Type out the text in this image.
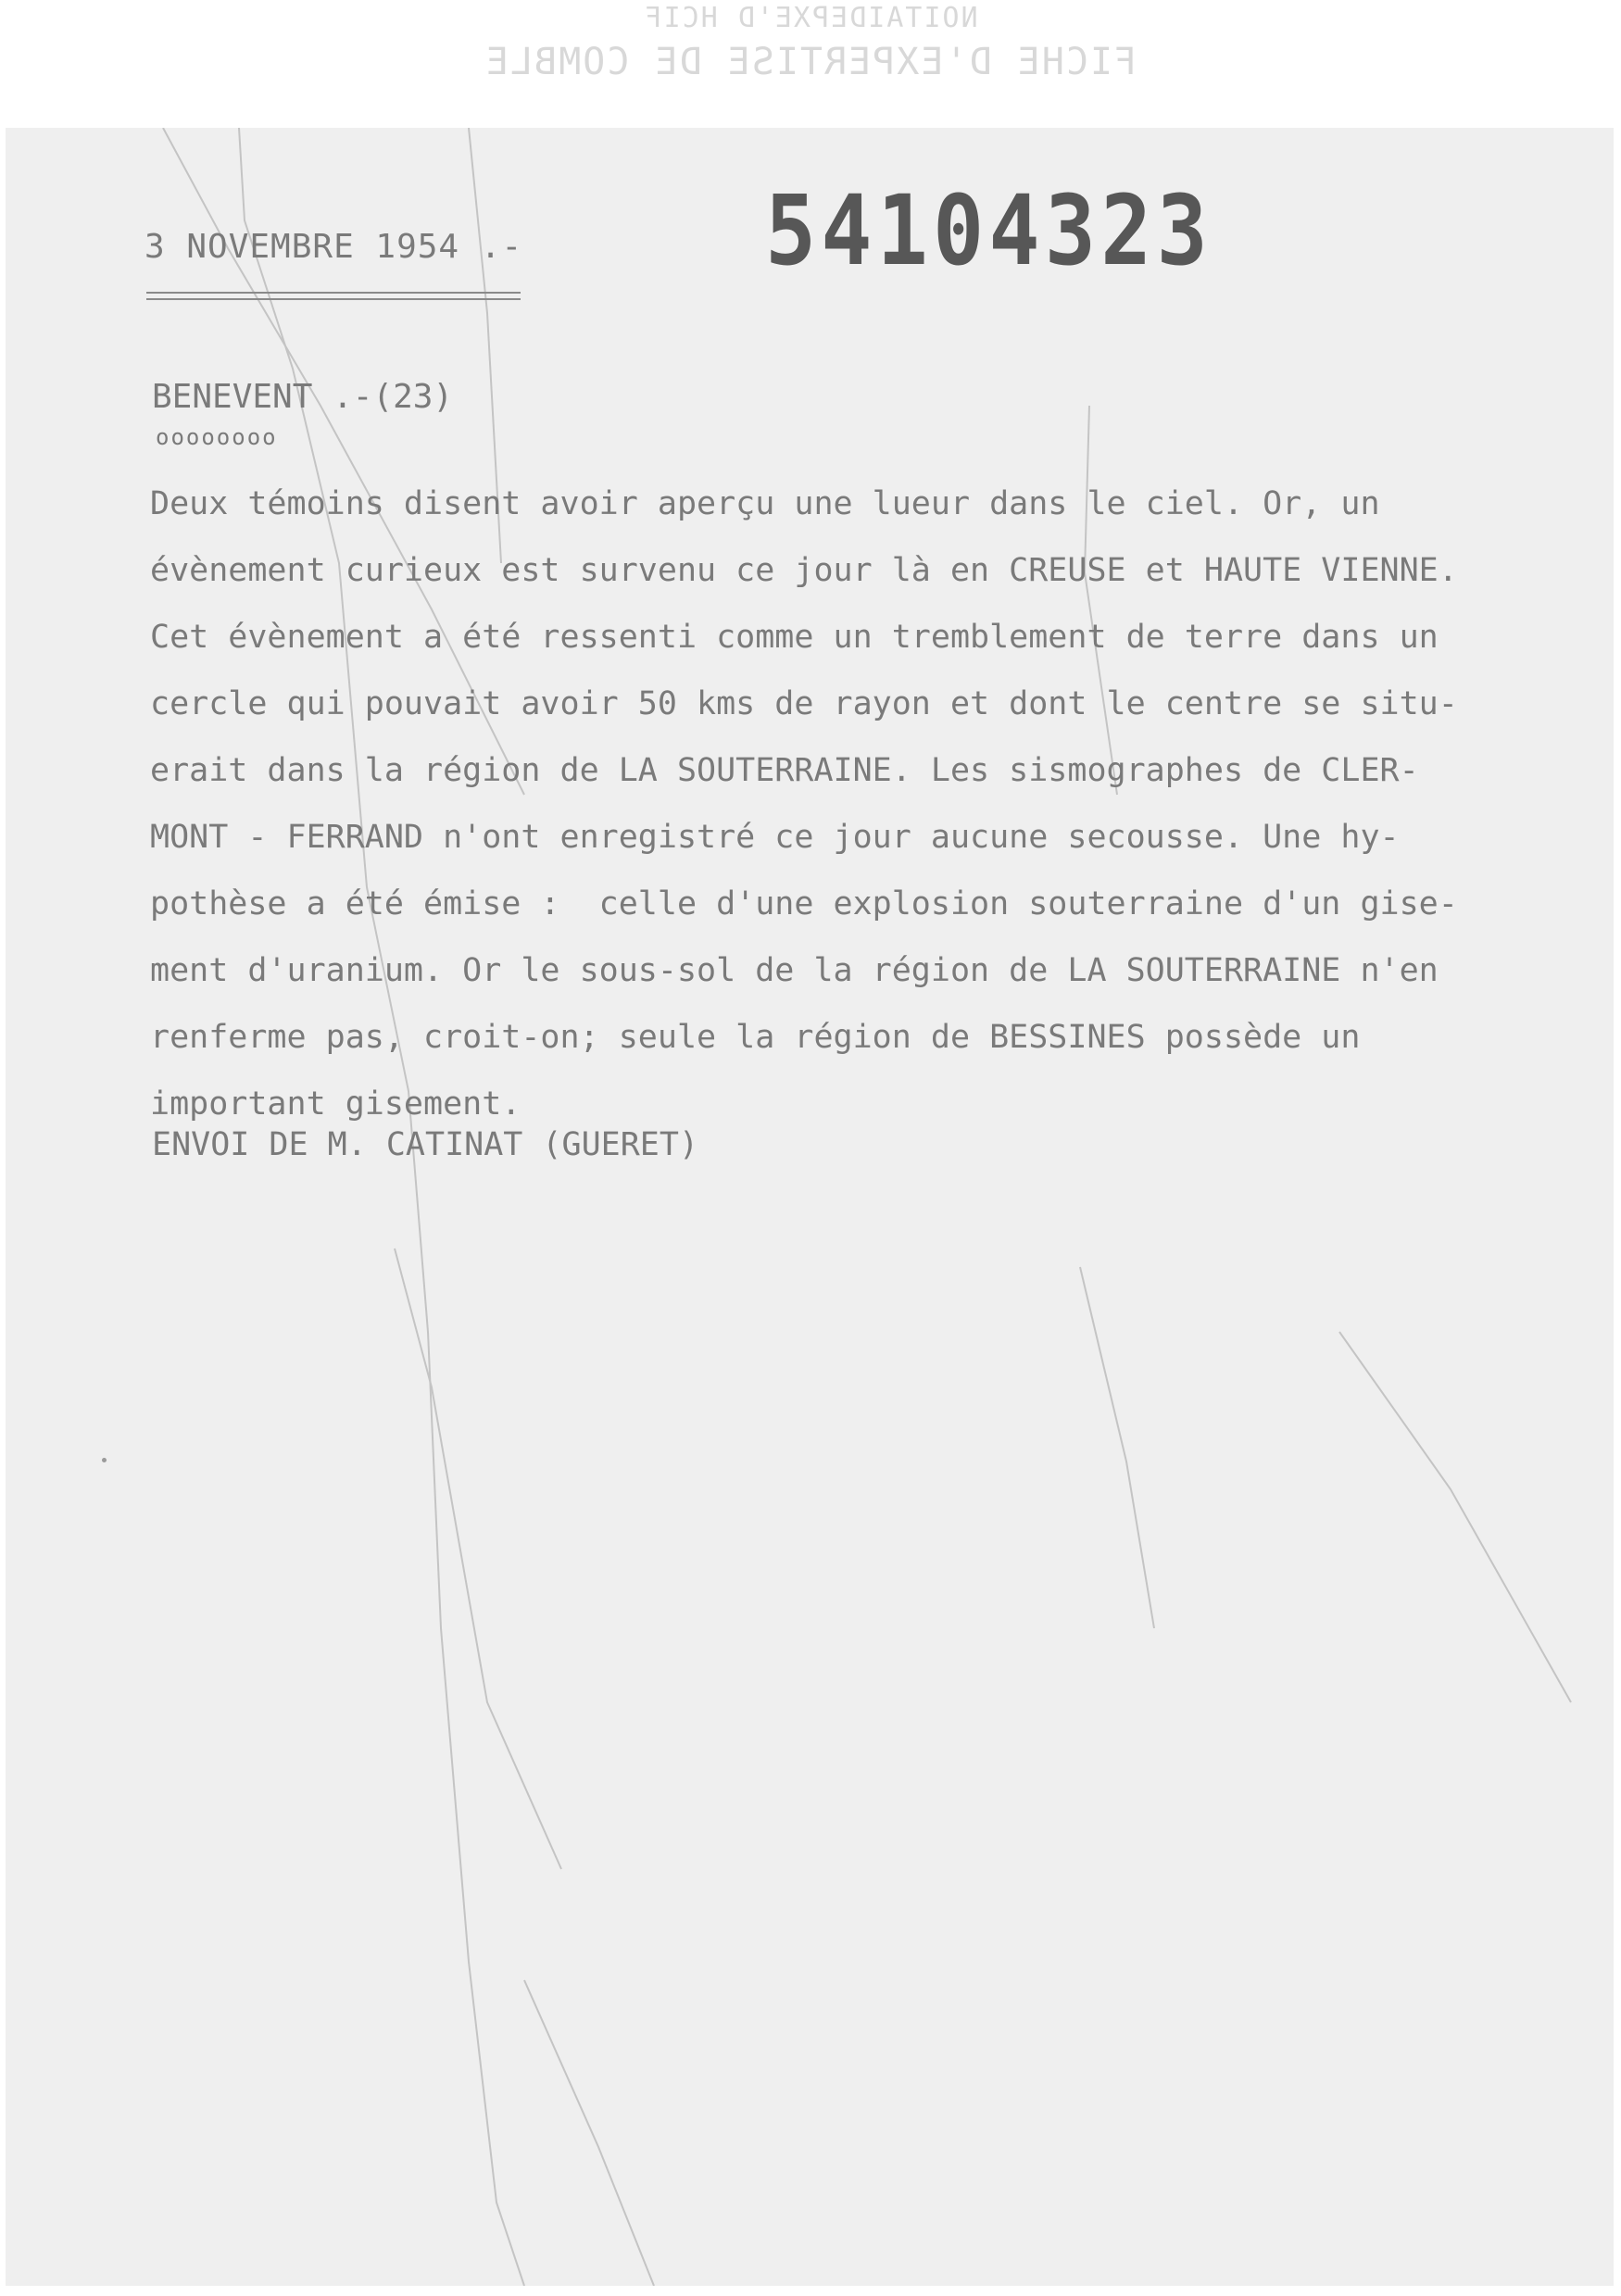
NOITAIDEPXE'D HCIF
FICHE D'EXPERTISE DE COMBLE
3 NOVEMBRE 1954 .-	54104323
BENEVENT .-(23)
oooooooo
Deux témoins disent avoir aperçu une lueur dans le ciel. Or, un
évènement curieux est survenu ce jour là en CREUSE et HAUTE VIENNE.
Cet évènement a été ressenti comme un tremblement de terre dans un
cercle qui pouvait avoir 50 kms de rayon et dont le centre se situ-
erait dans la région de LA SOUTERRAINE. Les sismographes de CLER-
MONT - FERRAND n'ont enregistré ce jour aucune secousse. Une hy-
pothèse a été émise :  celle d'une explosion souterraine d'un gise-
ment d'uranium. Or le sous-sol de la région de LA SOUTERRAINE n'en
renferme pas, croit-on; seule la région de BESSINES possède un
important gisement.
ENVOI DE M. CATINAT (GUERET)
